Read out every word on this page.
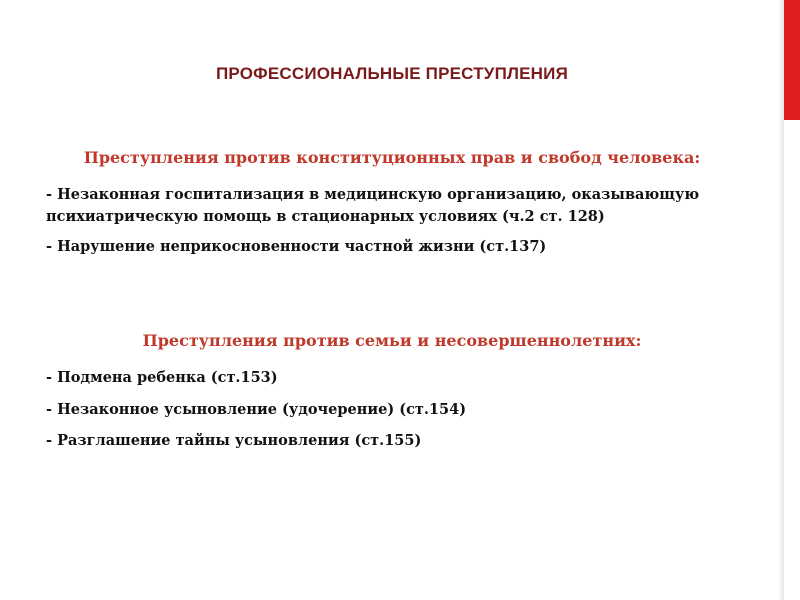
ПРОФЕССИОНАЛЬНЫЕ ПРЕСТУПЛЕНИЯ
Преступления против конституционных прав и свобод человека:
- Незаконная госпитализация в медицинскую организацию, оказывающую психиатрическую помощь в стационарных условиях (ч.2 ст. 128)
- Нарушение неприкосновенности частной жизни (ст.137)
Преступления против семьи и несовершеннолетних:
- Подмена ребенка (ст.153)
- Незаконное усыновление (удочерение) (ст.154)
- Разглашение тайны усыновления (ст.155)
